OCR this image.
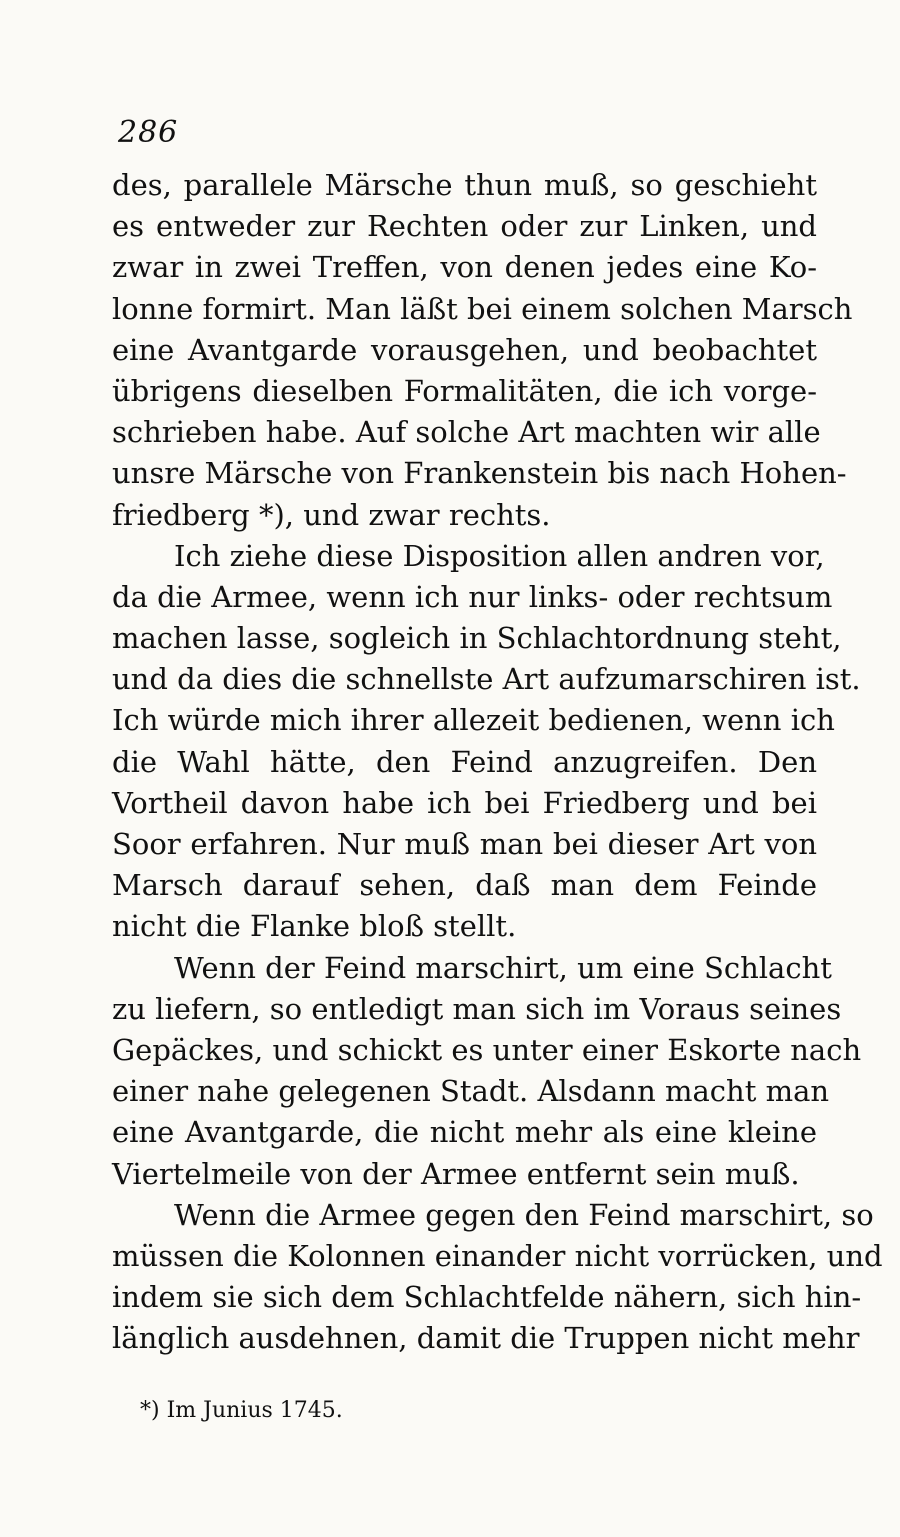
286
des, parallele Märsche thun muß, so geschieht
es entweder zur Rechten oder zur Linken, und
zwar in zwei Treffen, von denen jedes eine Ko-
lonne formirt. Man läßt bei einem solchen Marsch
eine Avantgarde vorausgehen, und beobachtet
übrigens dieselben Formalitäten, die ich vorge-
schrieben habe. Auf solche Art machten wir alle
unsre Märsche von Frankenstein bis nach Hohen-
friedberg *), und zwar rechts.
Ich ziehe diese Disposition allen andren vor,
da die Armee, wenn ich nur links- oder rechtsum
machen lasse, sogleich in Schlachtordnung steht,
und da dies die schnellste Art aufzumarschiren ist.
Ich würde mich ihrer allezeit bedienen, wenn ich
die Wahl hätte, den Feind anzugreifen. Den
Vortheil davon habe ich bei Friedberg und bei
Soor erfahren. Nur muß man bei dieser Art von
Marsch darauf sehen, daß man dem Feinde
nicht die Flanke bloß stellt.
Wenn der Feind marschirt, um eine Schlacht
zu liefern, so entledigt man sich im Voraus seines
Gepäckes, und schickt es unter einer Eskorte nach
einer nahe gelegenen Stadt. Alsdann macht man
eine Avantgarde, die nicht mehr als eine kleine
Viertelmeile von der Armee entfernt sein muß.
Wenn die Armee gegen den Feind marschirt, so
müssen die Kolonnen einander nicht vorrücken, und
indem sie sich dem Schlachtfelde nähern, sich hin-
länglich ausdehnen, damit die Truppen nicht mehr
*) Im Junius 1745.
